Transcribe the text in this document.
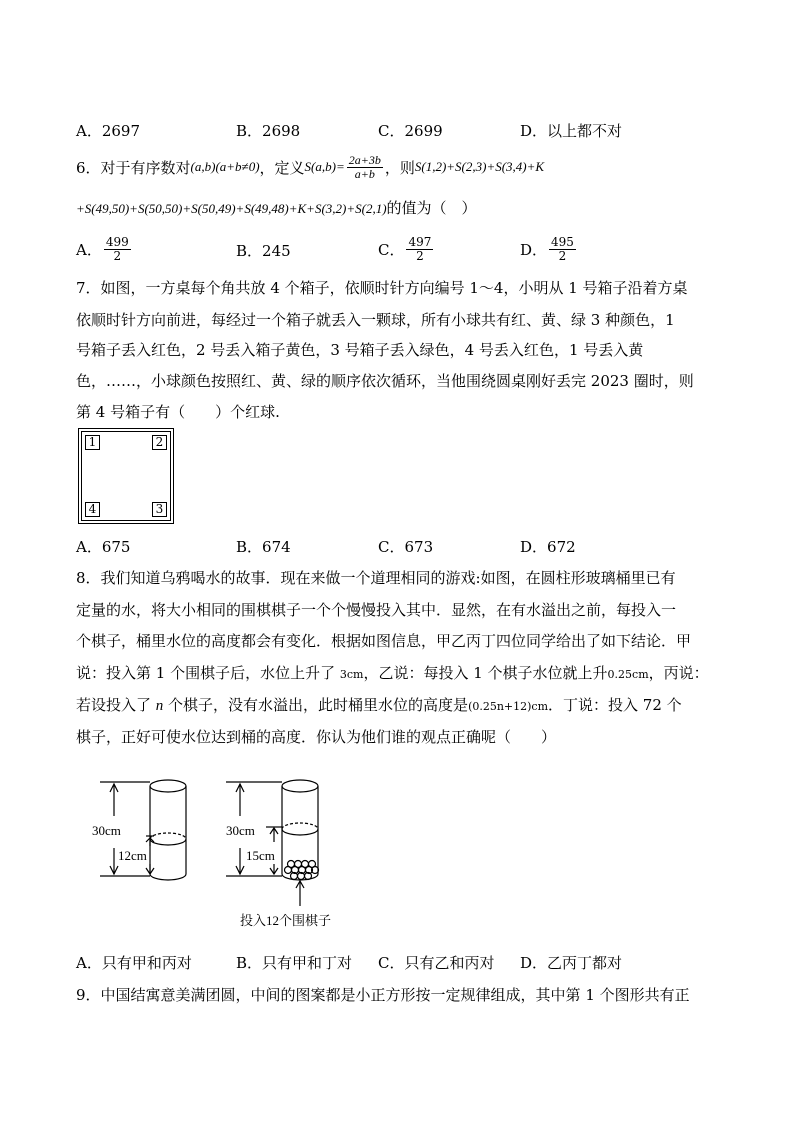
A．2697	B．2698	C．2699	D．以上都不对
6．对于有序数对 (a,b)(a+b≠0) ，定义 $S(a,b)= \frac{2a+3b}{a+b}$ ，则 S(1,2)+S(2,3)+S(3,4)+K
+S(49,50)+S(50,50)+S(50,49)+S(49,48)+K+S(3,2)+S(2,1)的值为（　）
A． $\frac{499}{2}$	B．245	C． $\frac{497}{2}$	D． $\frac{495}{2}$
7．如图，一方桌每个角共放 4 个箱子，依顺时针方向编号 1～4，小明从 1 号箱子沿着方桌
依顺时针方向前进，每经过一个箱子就丢入一颗球，所有小球共有红、黄、绿 3 种颜色，1
号箱子丢入红色，2 号丢入箱子黄色，3 号箱子丢入绿色，4 号丢入红色，1 号丢入黄
色，……，小球颜色按照红、黄、绿的顺序依次循环，当他围绕圆桌刚好丢完 2023 圈时，则
第 4 号箱子有（　　）个红球.
1	2
3
4
A．675	B．674	C．673	D．672
8．我们知道乌鸦喝水的故事．现在来做一个道理相同的游戏:如图，在圆柱形玻璃桶里已有
定量的水，将大小相同的围棋棋子一个个慢慢投入其中．显然，在有水溢出之前，每投入一
个棋子，桶里水位的高度都会有变化．根据如图信息，甲乙丙丁四位同学给出了如下结论．甲
说：投入第 1 个围棋子后，水位上升了 3cm，乙说：每投入 1 个棋子水位就上升0.25cm，丙说：
若设投入了 n 个棋子，没有水溢出，此时桶里水位的高度是(0.25n+12)cm．丁说：投入 72 个
棋子，正好可使水位达到桶的高度．你认为他们谁的观点正确呢（　　）
30cm
12cm
30cm
15cm
投入12个围棋子
A．只有甲和丙对	B．只有甲和丁对 C．只有乙和丙对 D．乙丙丁都对
9．中国结寓意美满团圆，中间的图案都是小正方形按一定规律组成，其中第 1 个图形共有正
